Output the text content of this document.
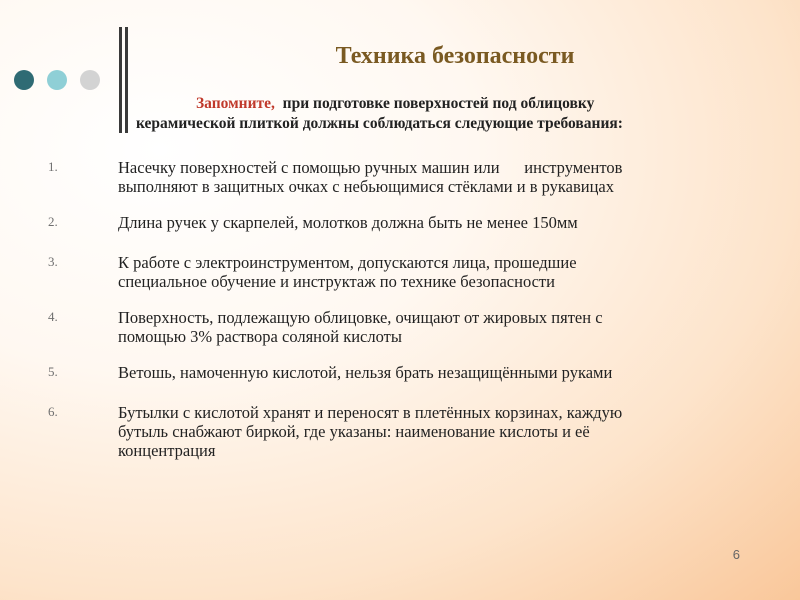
Техника безопасности
Запомните, при подготовке поверхностей под облицовку
керамической плиткой должны соблюдаться следующие требования:
1.	Насечку поверхностей с помощью ручных машин или      инструментов
выполняют в защитных очках с небьющимися стёклами и в рукавицах
2.	Длина ручек у скарпелей, молотков должна быть не менее 150мм
3.	К работе с электроинструментом, допускаются лица, прошедшие
специальное обучение и инструктаж по технике безопасности
4.	Поверхность, подлежащую облицовке, очищают от жировых пятен с
помощью 3% раствора соляной кислоты
5.	Ветошь, намоченную кислотой, нельзя брать незащищёнными руками
6.	Бутылки с кислотой хранят и переносят в плетённых корзинах, каждую
бутыль снабжают биркой, где указаны: наименование кислоты и её
концентрация
6
